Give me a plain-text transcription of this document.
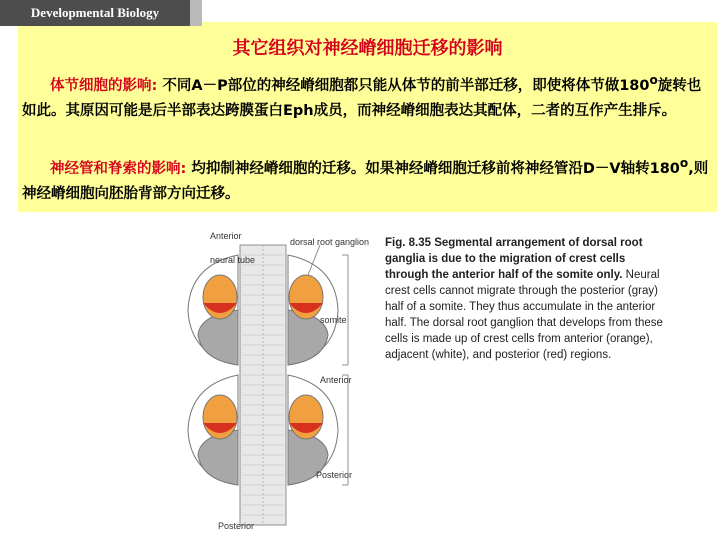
Developmental Biology
其它组织对神经嵴细胞迁移的影响
体节细胞的影响: 不同A－P部位的神经嵴细胞都只能从体节的前半部迁移，即使将体节做180$^o$旋转也如此。其原因可能是后半部表达跨膜蛋白Eph成员，而神经嵴细胞表达其配体，二者的互作产生排斥。
神经管和脊索的影响: 均抑制神经嵴细胞的迁移。如果神经嵴细胞迁移前将神经管沿D－V轴转180$^o$,则神经嵴细胞向胚胎背部方向迁移。
Anterior
dorsal root ganglion
neural tube
somite
Anterior
Posterior
Posterior
Fig. 8.35 Segmental arrangement of dorsal root ganglia is due to the migration of crest cells through the anterior half of the somite only. Neural crest cells cannot migrate through the posterior (gray) half of a somite. They thus accumulate in the anterior half. The dorsal root ganglion that develops from these cells is made up of crest cells from anterior (orange), adjacent (white), and posterior (red) regions.
